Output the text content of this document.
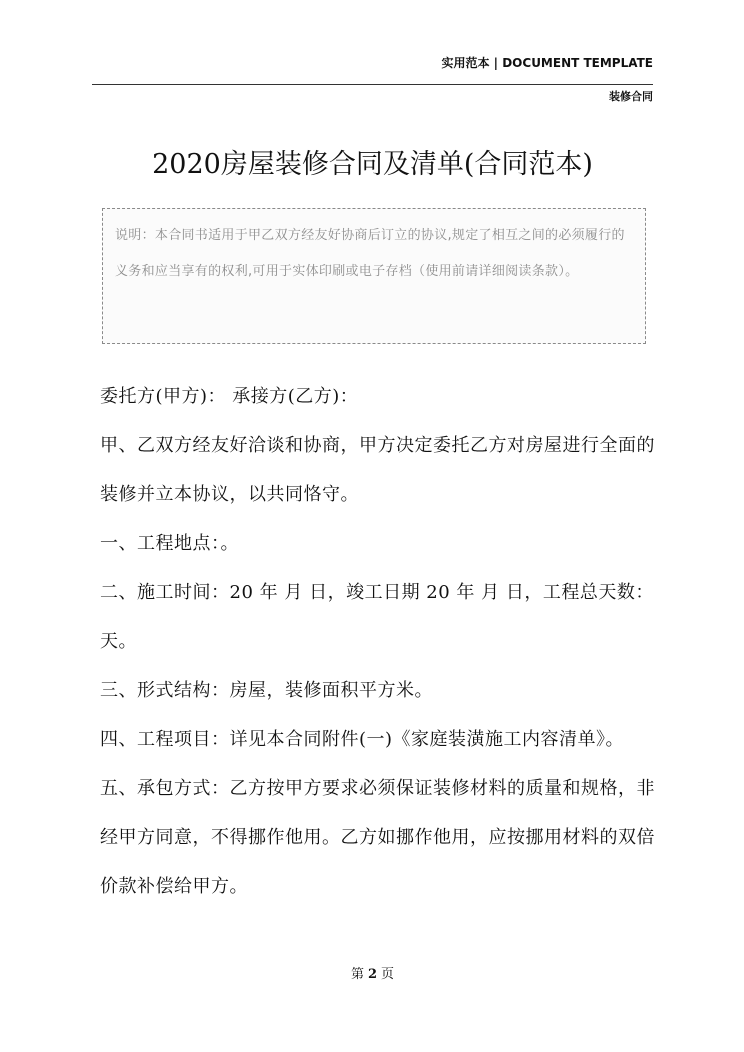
实用范本 | DOCUMENT TEMPLATE
装修合同
2020房屋装修合同及清单(合同范本)
说明：本合同书适用于甲乙双方经友好协商后订立的协议,规定了相互之间的必须履行的义务和应当享有的权利,可用于实体印刷或电子存档（使用前请详细阅读条款）。

委托方(甲方)： 承接方(乙方)：

甲、乙双方经友好洽谈和协商，甲方决定委托乙方对房屋进行全面的装修并立本协议，以共同恪守。

一、工程地点：。

二、施工时间：20 年 月 日，竣工日期 20 年 月 日，工程总天数：天。

三、形式结构：房屋，装修面积平方米。

四、工程项目：详见本合同附件(一)《家庭装潢施工内容清单》。

五、承包方式：乙方按甲方要求必须保证装修材料的质量和规格，非经甲方同意，不得挪作他用。乙方如挪作他用，应按挪用材料的双倍价款补偿给甲方。

第 2 页
